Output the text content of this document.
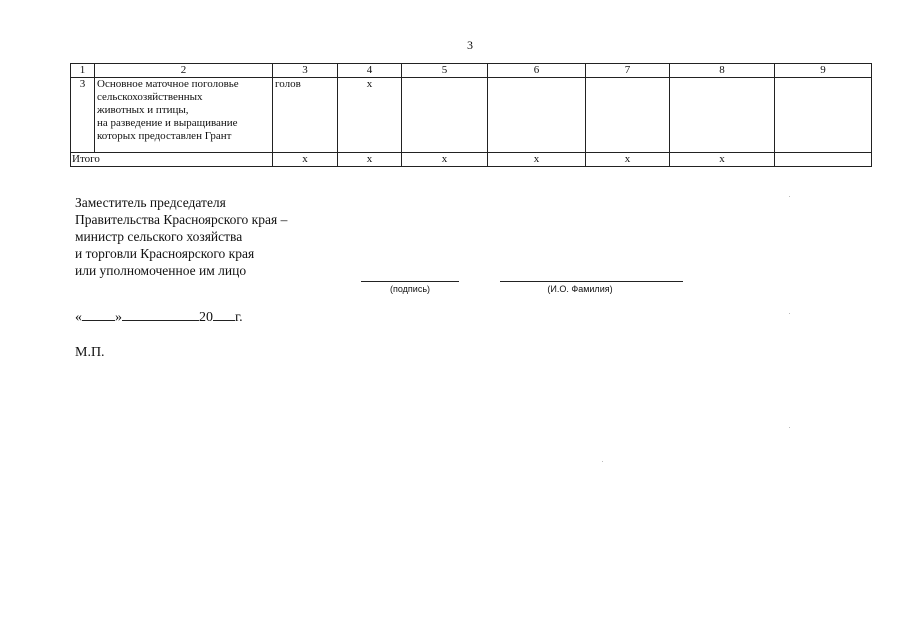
3
1	2	3	4	5	6	7	8	9
3	Основное маточное поголовье
сельскохозяйственных
животных и птицы,
на разведение и выращивание
которых предоставлен Грант	голов	х					
Итого		х	х	х	х	х	х	
Заместитель председателя
Правительства Красноярского края –
министр сельского хозяйства
и торговли Красноярского края
или уполномоченное им лицо
(подпись)	(И.О. Фамилия)
« »	20 г.
М.П.
